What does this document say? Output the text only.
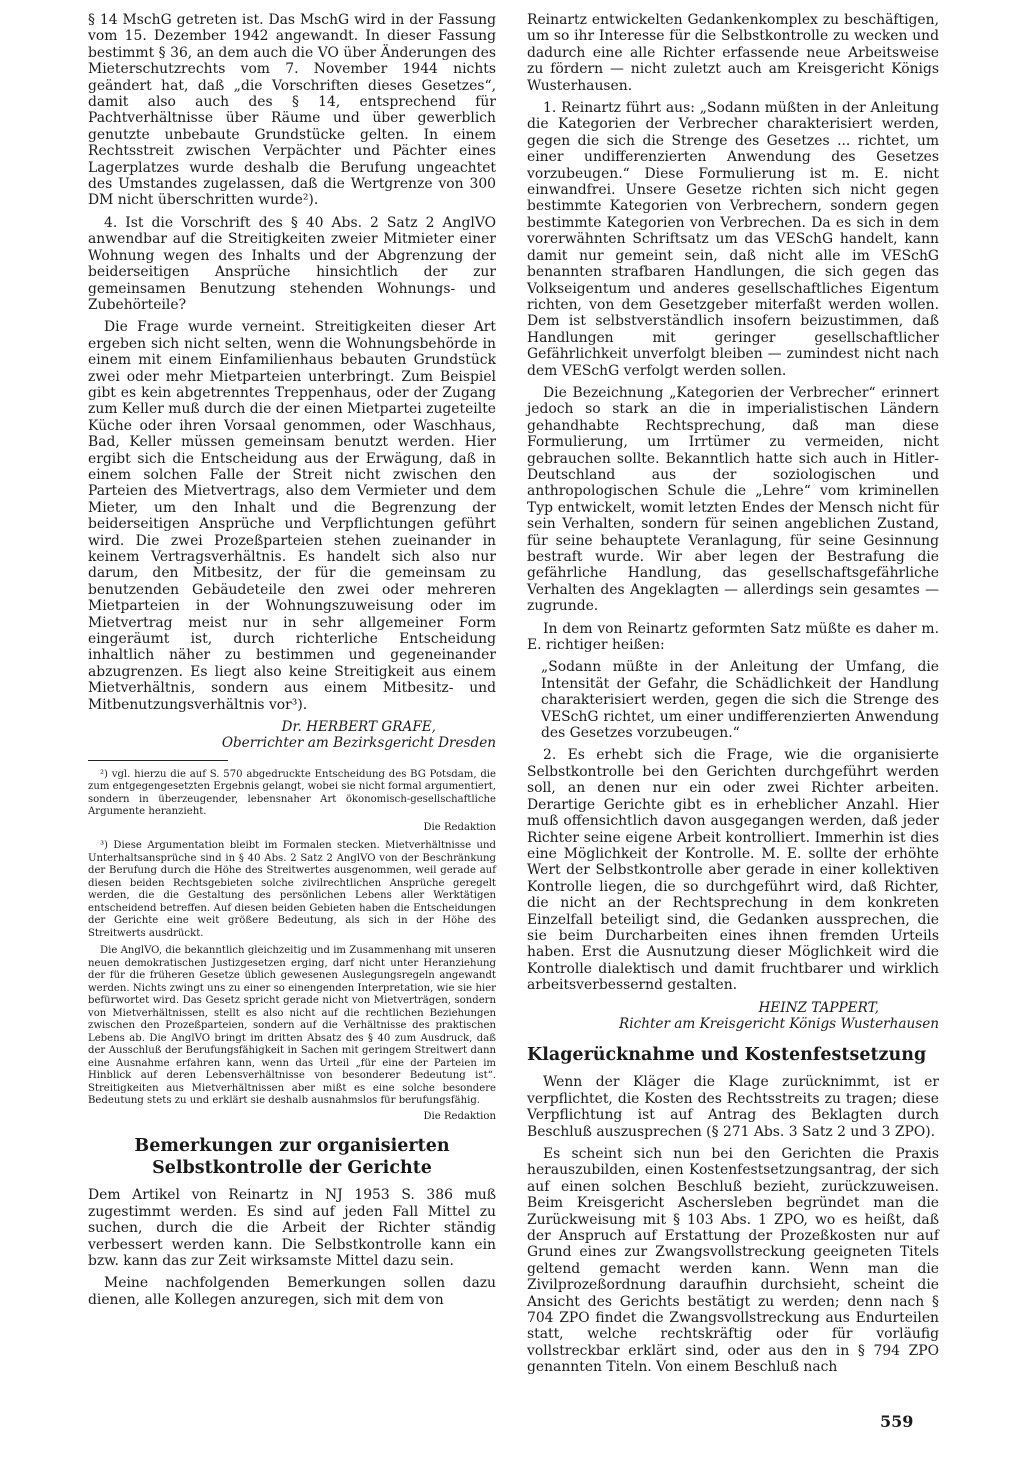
§ 14 MschG getreten ist. Das MschG wird in der Fassung vom 15. Dezember 1942 angewandt. In dieser Fassung bestimmt § 36, an dem auch die VO über Änderungen des Mieterschutzrechts vom 7. November 1944 nichts geändert hat, daß „die Vorschriften dieses Gesetzes“, damit also auch des § 14, entsprechend für Pachtverhältnisse über Räume und über gewerblich genutzte unbebaute Grundstücke gelten. In einem Rechtsstreit zwischen Verpächter und Pächter eines Lagerplatzes wurde deshalb die Berufung ungeachtet des Umstandes zugelassen, daß die Wertgrenze von 300 DM nicht überschritten wurde²).

4. Ist die Vorschrift des § 40 Abs. 2 Satz 2 AnglVO anwendbar auf die Streitigkeiten zweier Mitmieter einer Wohnung wegen des Inhalts und der Abgrenzung der beiderseitigen Ansprüche hinsichtlich der zur gemeinsamen Benutzung stehenden Wohnungs- und Zubehörteile?

Die Frage wurde verneint. Streitigkeiten dieser Art ergeben sich nicht selten, wenn die Wohnungsbehörde in einem mit einem Einfamilienhaus bebauten Grundstück zwei oder mehr Mietparteien unterbringt. Zum Beispiel gibt es kein abgetrenntes Treppenhaus, oder der Zugang zum Keller muß durch die der einen Mietpartei zugeteilte Küche oder ihren Vorsaal genommen, oder Waschhaus, Bad, Keller müssen gemeinsam benutzt werden. Hier ergibt sich die Entscheidung aus der Erwägung, daß in einem solchen Falle der Streit nicht zwischen den Parteien des Mietvertrags, also dem Vermieter und dem Mieter, um den Inhalt und die Begrenzung der beiderseitigen Ansprüche und Verpflichtungen geführt wird. Die zwei Prozeßparteien stehen zueinander in keinem Vertragsverhältnis. Es handelt sich also nur darum, den Mitbesitz, der für die gemeinsam zu benutzenden Gebäudeteile den zwei oder mehreren Mietparteien in der Wohnungszuweisung oder im Mietvertrag meist nur in sehr allgemeiner Form eingeräumt ist, durch richterliche Entscheidung inhaltlich näher zu bestimmen und gegeneinander abzugrenzen. Es liegt also keine Streitigkeit aus einem Mietverhältnis, sondern aus einem Mitbesitz- und Mitbenutzungsverhältnis vor³).

Dr. HERBERT GRAFE,

Oberrichter am Bezirksgericht Dresden

²) vgl. hierzu die auf S. 570 abgedruckte Entscheidung des BG Potsdam, die zum entgegengesetzten Ergebnis gelangt, wobei sie nicht formal argumentiert, sondern in überzeugender, lebensnaher Art ökonomisch-gesellschaftliche Argumente heranzieht.

Die Redaktion

³) Diese Argumentation bleibt im Formalen stecken. Mietverhältnisse und Unterhaltsansprüche sind in § 40 Abs. 2 Satz 2 AnglVO von der Beschränkung der Berufung durch die Höhe des Streitwertes ausgenommen, weil gerade auf diesen beiden Rechtsgebieten solche zivilrechtlichen Ansprüche geregelt werden, die die Gestaltung des persönlichen Lebens aller Werktätigen entscheidend betreffen. Auf diesen beiden Gebieten haben die Entscheidungen der Gerichte eine weit größere Bedeutung, als sich in der Höhe des Streitwerts ausdrückt.

Die AnglVO, die bekanntlich gleichzeitig und im Zusammenhang mit unseren neuen demokratischen Justizgesetzen erging, darf nicht unter Heranziehung der für die früheren Gesetze üblich gewesenen Auslegungsregeln angewandt werden. Nichts zwingt uns zu einer so einengenden Interpretation, wie sie hier befürwortet wird. Das Gesetz spricht gerade nicht von Mietverträgen, sondern von Mietverhältnissen, stellt es also nicht auf die rechtlichen Beziehungen zwischen den Prozeßparteien, sondern auf die Verhältnisse des praktischen Lebens ab. Die AnglVO bringt im dritten Absatz des § 40 zum Ausdruck, daß der Ausschluß der Berufungsfähigkeit in Sachen mit geringem Streitwert dann eine Ausnahme erfahren kann, wenn das Urteil „für eine der Parteien im Hinblick auf deren Lebensverhältnisse von besonderer Bedeutung ist“. Streitigkeiten aus Mietverhältnissen aber mißt es eine solche besondere Bedeutung stets zu und erklärt sie deshalb ausnahmslos für berufungsfähig.

Die Redaktion
Bemerkungen zur organisierten Selbstkontrolle der Gerichte

Dem Artikel von Reinartz in NJ 1953 S. 386 muß zugestimmt werden. Es sind auf jeden Fall Mittel zu suchen, durch die die Arbeit der Richter ständig verbessert werden kann. Die Selbstkontrolle kann ein bzw. kann das zur Zeit wirksamste Mittel dazu sein.

Meine nachfolgenden Bemerkungen sollen dazu dienen, alle Kollegen anzuregen, sich mit dem von

Reinartz entwickelten Gedankenkomplex zu beschäftigen, um so ihr Interesse für die Selbstkontrolle zu wecken und dadurch eine alle Richter erfassende neue Arbeitsweise zu fördern — nicht zuletzt auch am Kreisgericht Königs Wusterhausen.

1. Reinartz führt aus: „Sodann müßten in der Anleitung die Kategorien der Verbrecher charakterisiert werden, gegen die sich die Strenge des Gesetzes ... richtet, um einer undifferenzierten Anwendung des Gesetzes vorzubeugen.“ Diese Formulierung ist m. E. nicht einwandfrei. Unsere Gesetze richten sich nicht gegen bestimmte Kategorien von Verbrechern, sondern gegen bestimmte Kategorien von Verbrechen. Da es sich in dem vorerwähnten Schriftsatz um das VESchG handelt, kann damit nur gemeint sein, daß nicht alle im VESchG benannten strafbaren Handlungen, die sich gegen das Volkseigentum und anderes gesellschaftliches Eigentum richten, von dem Gesetzgeber miterfaßt werden wollen. Dem ist selbstverständlich insofern beizustimmen, daß Handlungen mit geringer gesellschaftlicher Gefährlichkeit unverfolgt bleiben — zumindest nicht nach dem VESchG verfolgt werden sollen.

Die Bezeichnung „Kategorien der Verbrecher“ erinnert jedoch so stark an die in imperialistischen Ländern gehandhabte Rechtsprechung, daß man diese Formulierung, um Irrtümer zu vermeiden, nicht gebrauchen sollte. Bekanntlich hatte sich auch in Hitler-Deutschland aus der soziologischen und anthropologischen Schule die „Lehre“ vom kriminellen Typ entwickelt, womit letzten Endes der Mensch nicht für sein Verhalten, sondern für seinen angeblichen Zustand, für seine behauptete Veranlagung, für seine Gesinnung bestraft wurde. Wir aber legen der Bestrafung die gefährliche Handlung, das gesellschaftsgefährliche Verhalten des Angeklagten — allerdings sein gesamtes — zugrunde.

In dem von Reinartz geformten Satz müßte es daher m. E. richtiger heißen:

„Sodann müßte in der Anleitung der Umfang, die Intensität der Gefahr, die Schädlichkeit der Handlung charakterisiert werden, gegen die sich die Strenge des VESchG richtet, um einer undifferenzierten Anwendung des Gesetzes vorzubeugen.“

2. Es erhebt sich die Frage, wie die organisierte Selbstkontrolle bei den Gerichten durchgeführt werden soll, an denen nur ein oder zwei Richter arbeiten. Derartige Gerichte gibt es in erheblicher Anzahl. Hier muß offensichtlich davon ausgegangen werden, daß jeder Richter seine eigene Arbeit kontrolliert. Immerhin ist dies eine Möglichkeit der Kontrolle. M. E. sollte der erhöhte Wert der Selbstkontrolle aber gerade in einer kollektiven Kontrolle liegen, die so durchgeführt wird, daß Richter, die nicht an der Rechtsprechung in dem konkreten Einzelfall beteiligt sind, die Gedanken aussprechen, die sie beim Durcharbeiten eines ihnen fremden Urteils haben. Erst die Ausnutzung dieser Möglichkeit wird die Kontrolle dialektisch und damit fruchtbarer und wirklich arbeitsverbessernd gestalten.

HEINZ TAPPERT,

Richter am Kreisgericht Königs Wusterhausen

Klagerücknahme und Kostenfestsetzung

Wenn der Kläger die Klage zurücknimmt, ist er verpflichtet, die Kosten des Rechtsstreits zu tragen; diese Verpflichtung ist auf Antrag des Beklagten durch Beschluß auszusprechen (§ 271 Abs. 3 Satz 2 und 3 ZPO).

Es scheint sich nun bei den Gerichten die Praxis herauszubilden, einen Kostenfestsetzungsantrag, der sich auf einen solchen Beschluß bezieht, zurückzuweisen. Beim Kreisgericht Aschersleben begründet man die Zurückweisung mit § 103 Abs. 1 ZPO, wo es heißt, daß der Anspruch auf Erstattung der Prozeßkosten nur auf Grund eines zur Zwangsvollstreckung geeigneten Titels geltend gemacht werden kann. Wenn man die Zivilprozeßordnung daraufhin durchsieht, scheint die Ansicht des Gerichts bestätigt zu werden; denn nach § 704 ZPO findet die Zwangsvollstreckung aus Endurteilen statt, welche rechtskräftig oder für vorläufig vollstreckbar erklärt sind, oder aus den in § 794 ZPO genannten Titeln. Von einem Beschluß nach

559
